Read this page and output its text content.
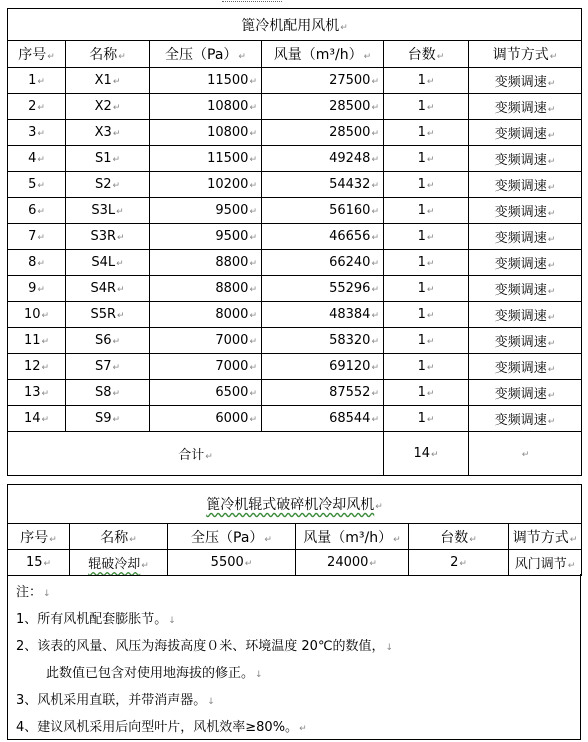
篦冷机配用风机↵					
序号↵	名称↵	全压（Pa）↵	风量（m³/h）↵	台数↵	调节方式↵
1↵	X1↵	11500↵	27500↵	1↵	变频调速↵
2↵	X2↵	10800↵	28500↵	1↵	变频调速↵
3↵	X3↵	10800↵	28500↵	1↵	变频调速↵
4↵	S1↵	11500↵	49248↵	1↵	变频调速↵
5↵	S2↵	10200↵	54432↵	1↵	变频调速↵
6↵	S3L↵	9500↵	56160↵	1↵	变频调速↵
7↵	S3R↵	9500↵	46656↵	1↵	变频调速↵
8↵	S4L↵	8800↵	66240↵	1↵	变频调速↵
9↵	S4R↵	8800↵	55296↵	1↵	变频调速↵
10↵	S5R↵	8000↵	48384↵	1↵	变频调速↵
11↵	S6↵	7000↵	58320↵	1↵	变频调速↵
12↵	S7↵	7000↵	69120↵	1↵	变频调速↵
13↵	S8↵	6500↵	87552↵	1↵	变频调速↵
14↵	S9↵	6000↵	68544↵	1↵	变频调速↵
合计↵				14↵	↵
篦冷机辊式破碎机冷却风机↵					
序号↵	名称↵	全压（Pa）↵	风量（m³/h）↵	台数↵	调节方式↵
15↵	辊破冷却↵	5500↵	24000↵	2↵	风门调节↵
注：↓
1、所有风机配套膨胀节。↓
2、该表的风量、风压为海拔高度０米、环境温度 20℃的数值，↓
此数值已包含对使用地海拔的修正。↓
3、风机采用直联，并带消声器。↓
4、建议风机采用后向型叶片，风机效率≥80%。↵
